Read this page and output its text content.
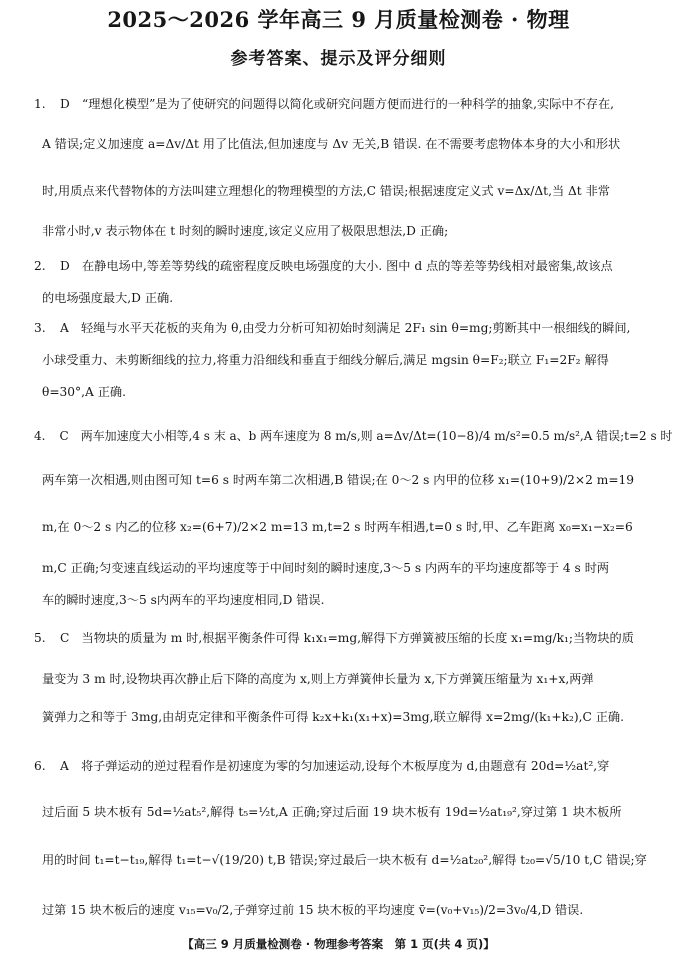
2025～2026 学年高三 9 月质量检测卷 · 物理
参考答案、提示及评分细则
1. D　“理想化模型”是为了使研究的问题得以简化或研究问题方便而进行的一种科学的抽象,实际中不存在,
A 错误;定义加速度 a=Δv/Δt 用了比值法,但加速度与 Δv 无关,B 错误. 在不需要考虑物体本身的大小和形状
时,用质点来代替物体的方法叫建立理想化的物理模型的方法,C 错误;根据速度定义式 v=Δx/Δt,当 Δt 非常
非常小时,v 表示物体在 t 时刻的瞬时速度,该定义应用了极限思想法,D 正确;
2. D　在静电场中,等差等势线的疏密程度反映电场强度的大小. 图中 d 点的等差等势线相对最密集,故该点
的电场强度最大,D 正确.
3. A　轻绳与水平天花板的夹角为 θ,由受力分析可知初始时刻满足 2F₁ sin θ=mg;剪断其中一根细线的瞬间,
小球受重力、未剪断细线的拉力,将重力沿细线和垂直于细线分解后,满足 mgsin θ=F₂;联立 F₁=2F₂ 解得
θ=30°,A 正确.
4. C　两车加速度大小相等,4 s 末 a、b 两车速度为 8 m/s,则 a=Δv/Δt=(10−8)/4 m/s²=0.5 m/s²,A 错误;t=2 s 时
两车第一次相遇,则由图可知 t=6 s 时两车第二次相遇,B 错误;在 0～2 s 内甲的位移 x₁=(10+9)/2×2 m=19
m,在 0～2 s 内乙的位移 x₂=(6+7)/2×2 m=13 m,t=2 s 时两车相遇,t=0 s 时,甲、乙车距离 x₀=x₁−x₂=6
m,C 正确;匀变速直线运动的平均速度等于中间时刻的瞬时速度,3～5 s 内两车的平均速度都等于 4 s 时两
车的瞬时速度,3～5 s内两车的平均速度相同,D 错误.
5. C　当物块的质量为 m 时,根据平衡条件可得 k₁x₁=mg,解得下方弹簧被压缩的长度 x₁=mg/k₁;当物块的质
量变为 3 m 时,设物块再次静止后下降的高度为 x,则上方弹簧伸长量为 x,下方弹簧压缩量为 x₁+x,两弹
簧弹力之和等于 3mg,由胡克定律和平衡条件可得 k₂x+k₁(x₁+x)=3mg,联立解得 x=2mg/(k₁+k₂),C 正确.
6. A　将子弹运动的逆过程看作是初速度为零的匀加速运动,设每个木板厚度为 d,由题意有 20d=½at²,穿
过后面 5 块木板有 5d=½at₅²,解得 t₅=½t,A 正确;穿过后面 19 块木板有 19d=½at₁₉²,穿过第 1 块木板所
用的时间 t₁=t−t₁₉,解得 t₁=t−√(19/20) t,B 错误;穿过最后一块木板有 d=½at₂₀²,解得 t₂₀=√5/10 t,C 错误;穿
过第 15 块木板后的速度 v₁₅=v₀/2,子弹穿过前 15 块木板的平均速度 v̄=(v₀+v₁₅)/2=3v₀/4,D 错误.
【高三 9 月质量检测卷 · 物理参考答案　第 1 页(共 4 页)】
